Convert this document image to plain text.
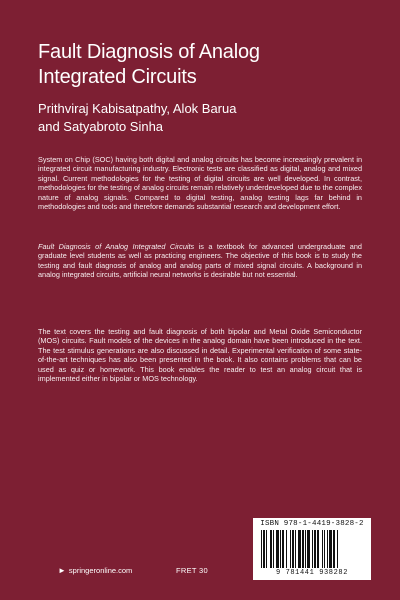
Fault Diagnosis of Analog
Integrated Circuits
Prithviraj Kabisatpathy, Alok Barua
and Satyabroto Sinha
System on Chip (SOC) having both digital and analog circuits has become increasingly prevalent in integrated circuit manufacturing industry. Electronic tests are classified as digital, analog and mixed signal. Current methodologies for the testing of digital circuits are well developed. In contrast, methodologies for the testing of analog circuits remain relatively underdeveloped due to the complex nature of analog signals. Compared to digital testing, analog testing lags far behind in methodologies and tools and therefore demands substantial research and development effort.
Fault Diagnosis of Analog Integrated Circuits is a textbook for advanced undergraduate and graduate level students as well as practicing engineers. The objective of this book is to study the testing and fault diagnosis of analog and analog parts of mixed signal circuits. A background in analog integrated circuits, artificial neural networks is desirable but not essential.
The text covers the testing and fault diagnosis of both bipolar and Metal Oxide Semiconductor (MOS) circuits. Fault models of the devices in the analog domain have been introduced in the text. The test stimulus generations are also discussed in detail. Experimental verification of some state-of-the-art techniques has also been presented in the book. It also contains problems that can be used as quiz or homework. This book enables the reader to test an analog circuit that is implemented either in bipolar or MOS technology.
► springeronline.com	FRET 30
ISBN 978-1-4419-3828-2
9 781441 938282
